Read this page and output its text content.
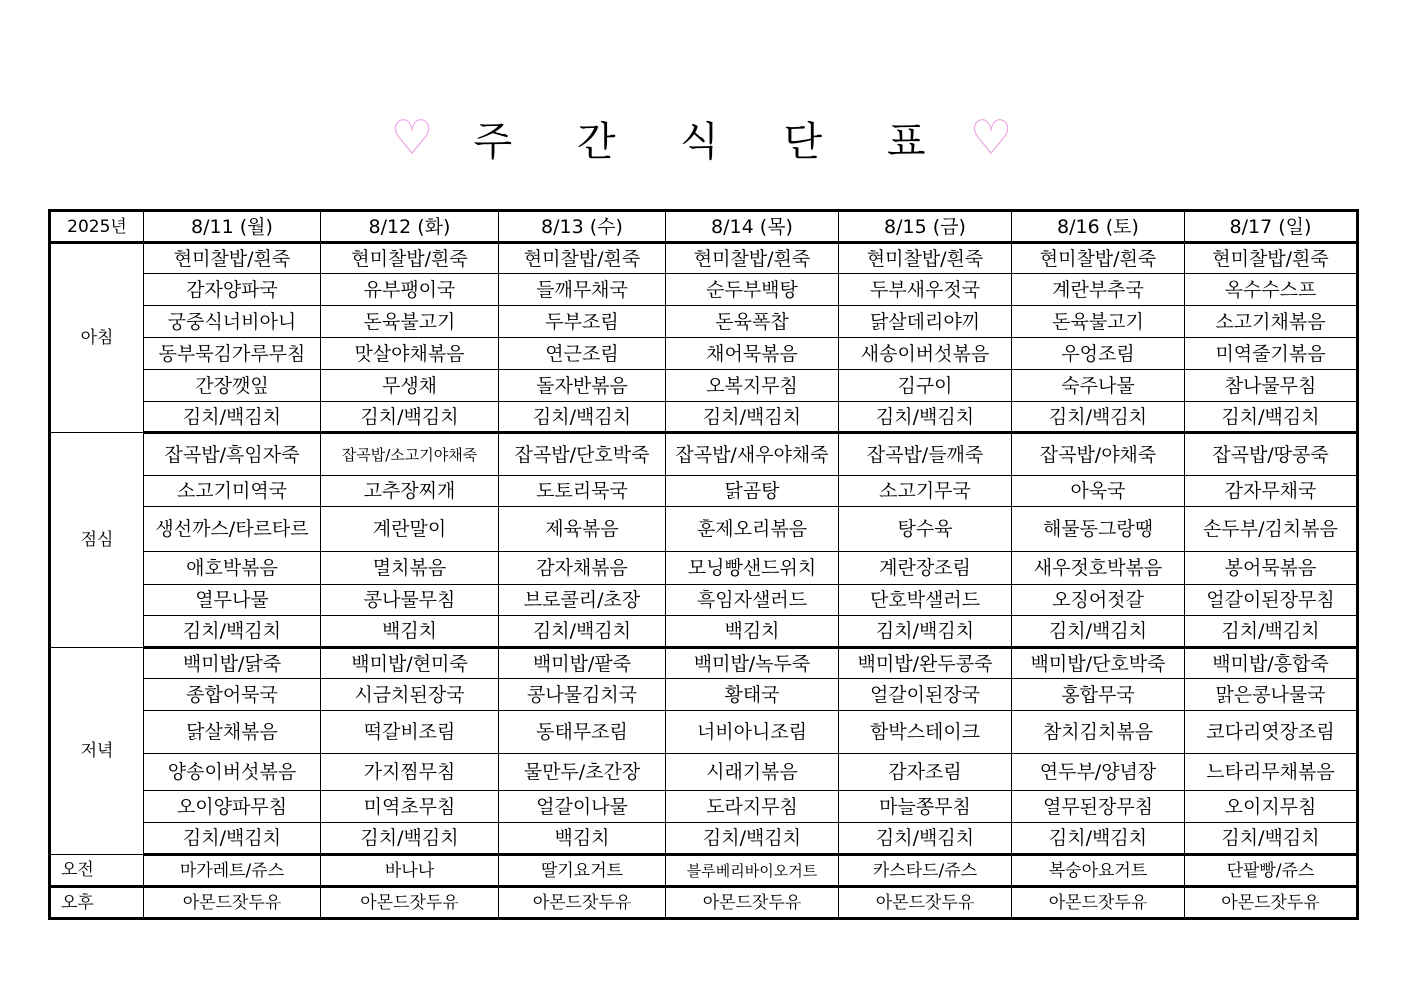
♡ 주 간 식 단 표 ♡
2025년	8/11 (월)	8/12 (화)	8/13 (수)	8/14 (목)	8/15 (금)	8/16 (토)	8/17 (일)
아침	현미찰밥/흰죽	현미찰밥/흰죽	현미찰밥/흰죽	현미찰밥/흰죽	현미찰밥/흰죽	현미찰밥/흰죽	현미찰밥/흰죽
	감자양파국	유부팽이국	들깨무채국	순두부백탕	두부새우젓국	계란부추국	옥수수스프
	궁중식너비아니	돈육불고기	두부조림	돈육폭찹	닭살데리야끼	돈육불고기	소고기채볶음
	동부묵김가루무침	맛살야채볶음	연근조림	채어묵볶음	새송이버섯볶음	우엉조림	미역줄기볶음
	간장깻잎	무생채	돌자반볶음	오복지무침	김구이	숙주나물	참나물무침
	김치/백김치	김치/백김치	김치/백김치	김치/백김치	김치/백김치	김치/백김치	김치/백김치
점심	잡곡밥/흑임자죽	잡곡밥/소고기야채죽	잡곡밥/단호박죽	잡곡밥/새우야채죽	잡곡밥/들깨죽	잡곡밥/야채죽	잡곡밥/땅콩죽
	소고기미역국	고추장찌개	도토리묵국	닭곰탕	소고기무국	아욱국	감자무채국
	생선까스/타르타르	계란말이	제육볶음	훈제오리볶음	탕수육	해물동그랑땡	손두부/김치볶음
	애호박볶음	멸치볶음	감자채볶음	모닝빵샌드위치	계란장조림	새우젓호박볶음	봉어묵볶음
	열무나물	콩나물무침	브로콜리/초장	흑임자샐러드	단호박샐러드	오징어젓갈	얼갈이된장무침
	김치/백김치	백김치	김치/백김치	백김치	김치/백김치	김치/백김치	김치/백김치
저녁	백미밥/닭죽	백미밥/현미죽	백미밥/팥죽	백미밥/녹두죽	백미밥/완두콩죽	백미밥/단호박죽	백미밥/흥합죽
	종합어묵국	시금치된장국	콩나물김치국	황태국	얼갈이된장국	홍합무국	맑은콩나물국
	닭살채볶음	떡갈비조림	동태무조림	너비아니조림	함박스테이크	참치김치볶음	코다리엿장조림
	양송이버섯볶음	가지찜무침	물만두/초간장	시래기볶음	감자조림	연두부/양념장	느타리무채볶음
	오이양파무침	미역초무침	얼갈이나물	도라지무침	마늘쫑무침	열무된장무침	오이지무침
	김치/백김치	김치/백김치	백김치	김치/백김치	김치/백김치	김치/백김치	김치/백김치
오전	마가레트/쥬스	바나나	딸기요거트	블루베리바이오거트	카스타드/쥬스	복숭아요거트	단팥빵/쥬스
오후	아몬드잣두유	아몬드잣두유	아몬드잣두유	아몬드잣두유	아몬드잣두유	아몬드잣두유	아몬드잣두유
